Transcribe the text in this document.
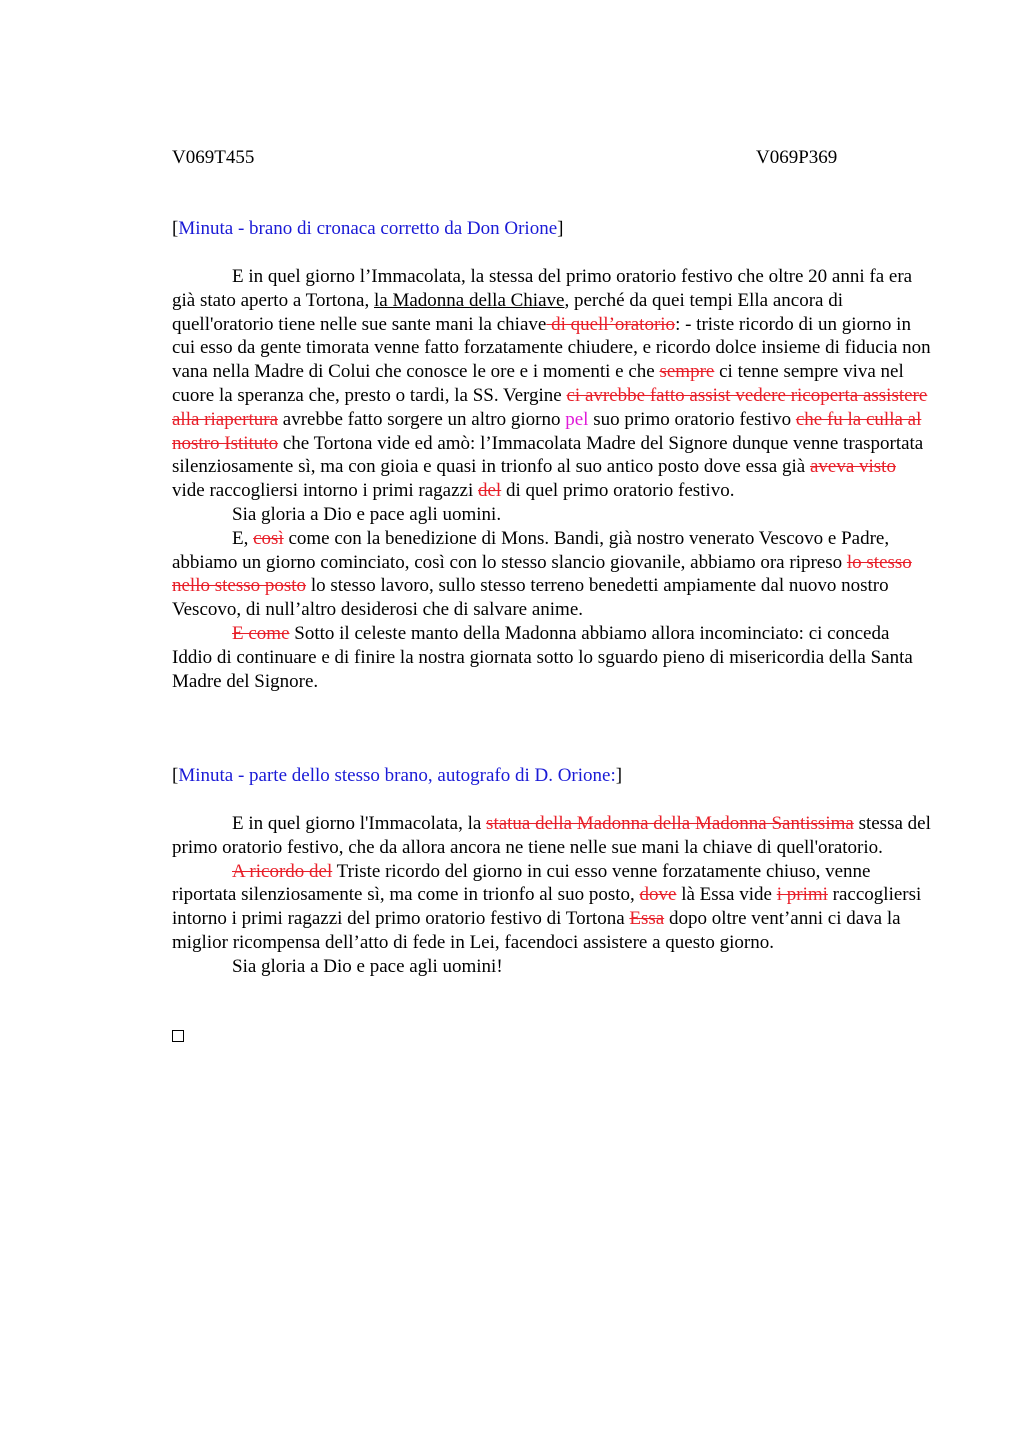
V069T455	V069P369
[Minuta - brano di cronaca corretto da Don Orione]

E in quel giorno l’Immacolata, la stessa del primo oratorio festivo che oltre 20 anni fa era già stato aperto a Tortona, la Madonna della Chiave, perché da quei tempi Ella ancora di quell'oratorio tiene nelle sue sante mani la chiave di quell’oratorio: - triste ricordo di un giorno in cui esso da gente timorata venne fatto forzatamente chiudere, e ricordo dolce insieme di fiducia non vana nella Madre di Colui che conosce le ore e i momenti e che sempre ci tenne sempre viva nel cuore la speranza che, presto o tardi, la SS. Vergine ci avrebbe fatto assist vedere ricoperta assistere alla riapertura avrebbe fatto sorgere un altro giorno pel suo primo oratorio festivo che fu la culla al nostro Istituto che Tortona vide ed amò: l’Immacolata Madre del Signore dunque venne trasportata silenziosamente sì, ma con gioia e quasi in trionfo al suo antico posto dove essa già aveva visto vide raccogliersi intorno i primi ragazzi del di quel primo oratorio festivo.

Sia gloria a Dio e pace agli uomini.

E, così come con la benedizione di Mons. Bandi, già nostro venerato Vescovo e Padre, abbiamo un giorno cominciato, così con lo stesso slancio giovanile, abbiamo ora ripreso lo stesso nello stesso posto lo stesso lavoro, sullo stesso terreno benedetti ampiamente dal nuovo nostro Vescovo, di null’altro desiderosi che di salvare anime.

E come Sotto il celeste manto della Madonna abbiamo allora incominciato: ci conceda Iddio di continuare e di finire la nostra giornata sotto lo sguardo pieno di misericordia della Santa Madre del Signore.

[Minuta - parte dello stesso brano, autografo di D. Orione:]

E in quel giorno l'Immacolata, la statua della Madonna della Madonna Santissima stessa del primo oratorio festivo, che da allora ancora ne tiene nelle sue mani la chiave di quell'oratorio.

A ricordo del Triste ricordo del giorno in cui esso venne forzatamente chiuso, venne riportata silenziosamente sì, ma come in trionfo al suo posto, dove là Essa vide i primi raccogliersi intorno i primi ragazzi del primo oratorio festivo di Tortona Essa dopo oltre vent’anni ci dava la miglior ricompensa dell’atto di fede in Lei, facendoci assistere a questo giorno.

Sia gloria a Dio e pace agli uomini!
